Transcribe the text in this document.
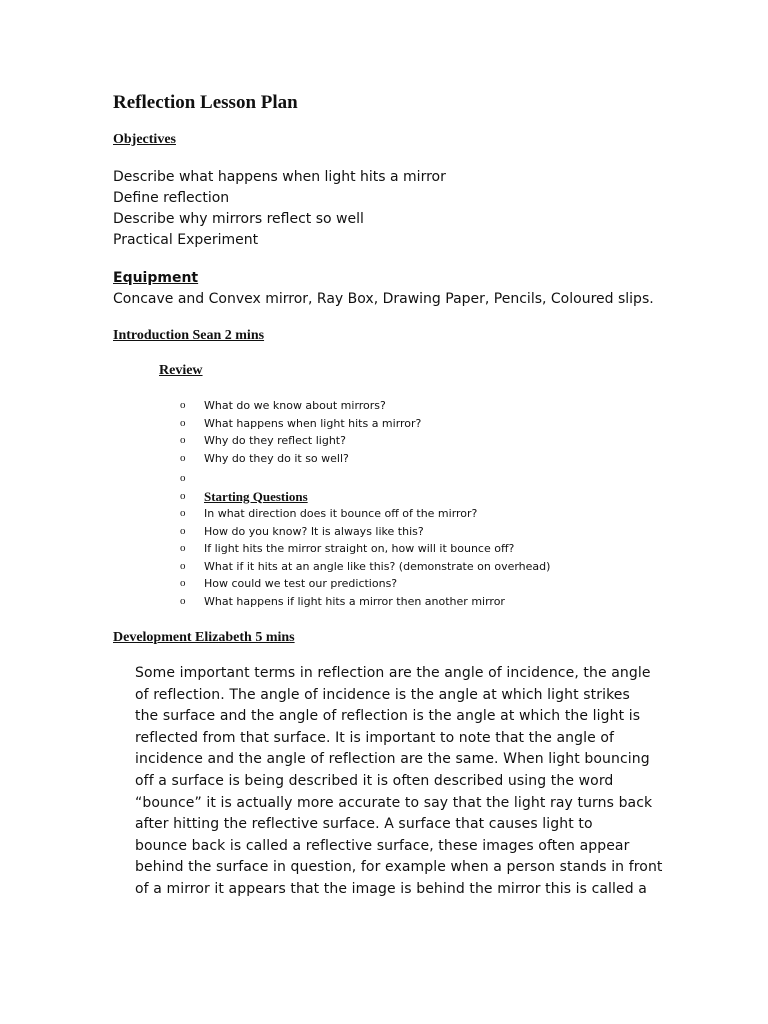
Reflection Lesson Plan
Objectives
Describe what happens when light hits a mirror
Define reflection
Describe why mirrors reflect so well
Practical Experiment
Equipment

Concave and Convex mirror, Ray Box, Drawing Paper, Pencils, Coloured slips.

Introduction Sean 2 mins
Review
o What do we know about mirrors?
o What happens when light hits a mirror?
o Why do they reflect light?
o Why do they do it so well?
o
o Starting Questions
o In what direction does it bounce off of the mirror?
o How do you know? It is always like this?
o If light hits the mirror straight on, how will it bounce off?
o What if it hits at an angle like this? (demonstrate on overhead)
o How could we test our predictions?
o What happens if light hits a mirror then another mirror
Development Elizabeth 5 mins

Some important terms in reflection are the angle of incidence, the angle
of reflection. The angle of incidence is the angle at which light strikes
the surface and the angle of reflection is the angle at which the light is
reflected from that surface. It is important to note that the angle of
incidence and the angle of reflection are the same. When light bouncing
off a surface is being described it is often described using the word
“bounce” it is actually more accurate to say that the light ray turns back
after hitting the reflective surface. A surface that causes light to
bounce back is called a reflective surface, these images often appear
behind the surface in question, for example when a person stands in front
of a mirror it appears that the image is behind the mirror this is called a
